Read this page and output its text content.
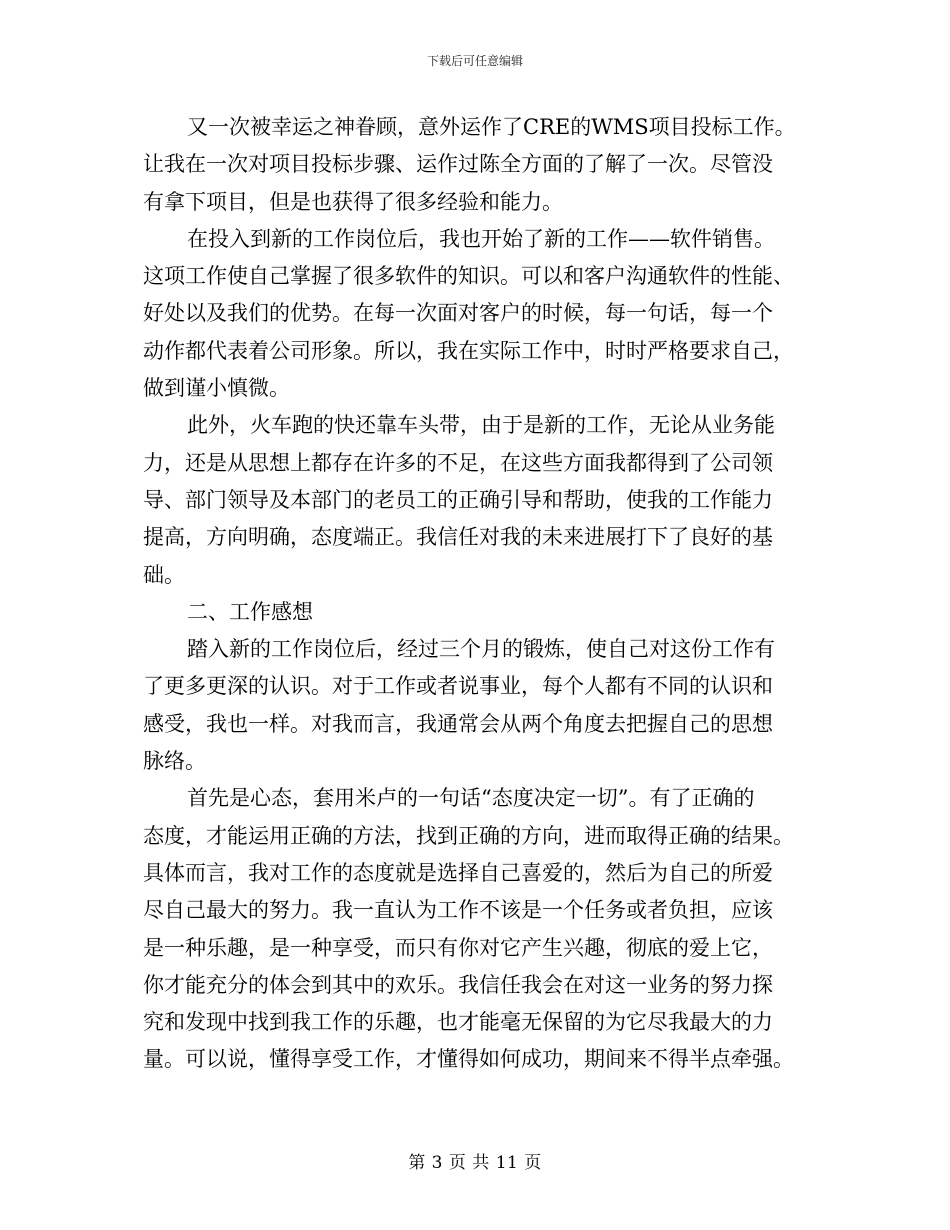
下载后可任意编辑
又一次被幸运之神眷顾，意外运作了CRE的WMS项目投标工作。
让我在一次对项目投标步骤、运作过陈全方面的了解了一次。尽管没
有拿下项目，但是也获得了很多经验和能力。
在投入到新的工作岗位后，我也开始了新的工作——软件销售。
这项工作使自己掌握了很多软件的知识。可以和客户沟通软件的性能、
好处以及我们的优势。在每一次面对客户的时候，每一句话，每一个
动作都代表着公司形象。所以，我在实际工作中，时时严格要求自己，
做到谨小慎微。
此外，火车跑的快还靠车头带，由于是新的工作，无论从业务能
力，还是从思想上都存在许多的不足，在这些方面我都得到了公司领
导、部门领导及本部门的老员工的正确引导和帮助，使我的工作能力
提高，方向明确，态度端正。我信任对我的未来进展打下了良好的基
础。
二、工作感想
踏入新的工作岗位后，经过三个月的锻炼，使自己对这份工作有
了更多更深的认识。对于工作或者说事业，每个人都有不同的认识和
感受，我也一样。对我而言，我通常会从两个角度去把握自己的思想
脉络。
首先是心态，套用米卢的一句话“态度决定一切”。有了正确的
态度，才能运用正确的方法，找到正确的方向，进而取得正确的结果。
具体而言，我对工作的态度就是选择自己喜爱的，然后为自己的所爱
尽自己最大的努力。我一直认为工作不该是一个任务或者负担，应该
是一种乐趣，是一种享受，而只有你对它产生兴趣，彻底的爱上它，
你才能充分的体会到其中的欢乐。我信任我会在对这一业务的努力探
究和发现中找到我工作的乐趣，也才能毫无保留的为它尽我最大的力
量。可以说，懂得享受工作，才懂得如何成功，期间来不得半点牵强。
第 3 页 共 11 页
